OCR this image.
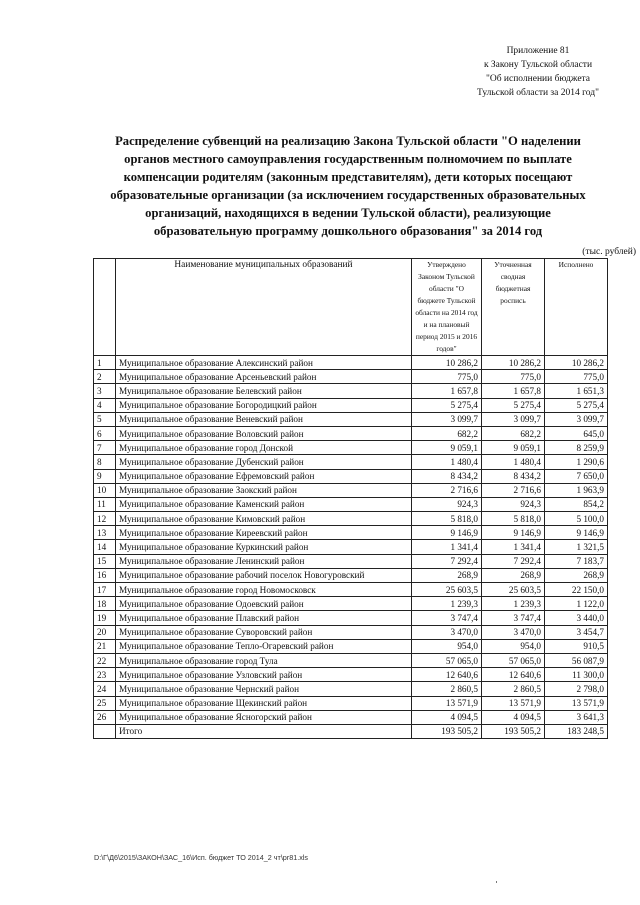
Приложение 81
к Закону Тульской области
"Об исполнении бюджета
Тульской области за 2014 год"
Распределение субвенций на реализацию Закона Тульской области "О наделении
органов местного самоуправления государственным полномочием по выплате
компенсации родителям (законным представителям), дети которых посещают
образовательные организации (за исключением государственных образовательных
организаций, находящихся в ведении Тульской области), реализующие
образовательную программу дошкольного образования" за 2014 год
(тыс. рублей)
	Наименование муниципальных образований	Утверждено Законом Тульской области "О бюджете Тульской области на 2014 год и на плановый период 2015 и 2016 годов"	Уточненная сводная бюджетная роспись	Исполнено
1	Муниципальное образование Алексинский район	10 286,2	10 286,2	10 286,2
2	Муниципальное образование Арсеньевский район	775,0	775,0	775,0
3	Муниципальное образование Белевский район	1 657,8	1 657,8	1 651,3
4	Муниципальное образование Богородицкий район	5 275,4	5 275,4	5 275,4
5	Муниципальное образование Веневский район	3 099,7	3 099,7	3 099,7
6	Муниципальное образование Воловский район	682,2	682,2	645,0
7	Муниципальное образование город Донской	9 059,1	9 059,1	8 259,9
8	Муниципальное образование Дубенский район	1 480,4	1 480,4	1 290,6
9	Муниципальное образование Ефремовский район	8 434,2	8 434,2	7 650,0
10	Муниципальное образование Заокский район	2 716,6	2 716,6	1 963,9
11	Муниципальное образование Каменский район	924,3	924,3	854,2
12	Муниципальное образование Кимовский район	5 818,0	5 818,0	5 100,0
13	Муниципальное образование Киреевский район	9 146,9	9 146,9	9 146,9
14	Муниципальное образование Куркинский район	1 341,4	1 341,4	1 321,5
15	Муниципальное образование Ленинский район	7 292,4	7 292,4	7 183,7
16	Муниципальное образование рабочий поселок Новогуровский	268,9	268,9	268,9
17	Муниципальное образование город Новомосковск	25 603,5	25 603,5	22 150,0
18	Муниципальное образование Одоевский район	1 239,3	1 239,3	1 122,0
19	Муниципальное образование Плавский район	3 747,4	3 747,4	3 440,0
20	Муниципальное образование Суворовский район	3 470,0	3 470,0	3 454,7
21	Муниципальное образование Тепло-Огаревский район	954,0	954,0	910,5
22	Муниципальное образование город Тула	57 065,0	57 065,0	56 087,9
23	Муниципальное образование Узловский район	12 640,6	12 640,6	11 300,0
24	Муниципальное образование Чернский район	2 860,5	2 860,5	2 798,0
25	Муниципальное образование Щекинский район	13 571,9	13 571,9	13 571,9
26	Муниципальное образование Ясногорский район	4 094,5	4 094,5	3 641,3
	Итого	193 505,2	193 505,2	183 248,5
D:\Г\Д6\2015\ЗАКОН\ЗАС_16\Исп. бюджет ТО 2014_2 чт\pr81.xls
